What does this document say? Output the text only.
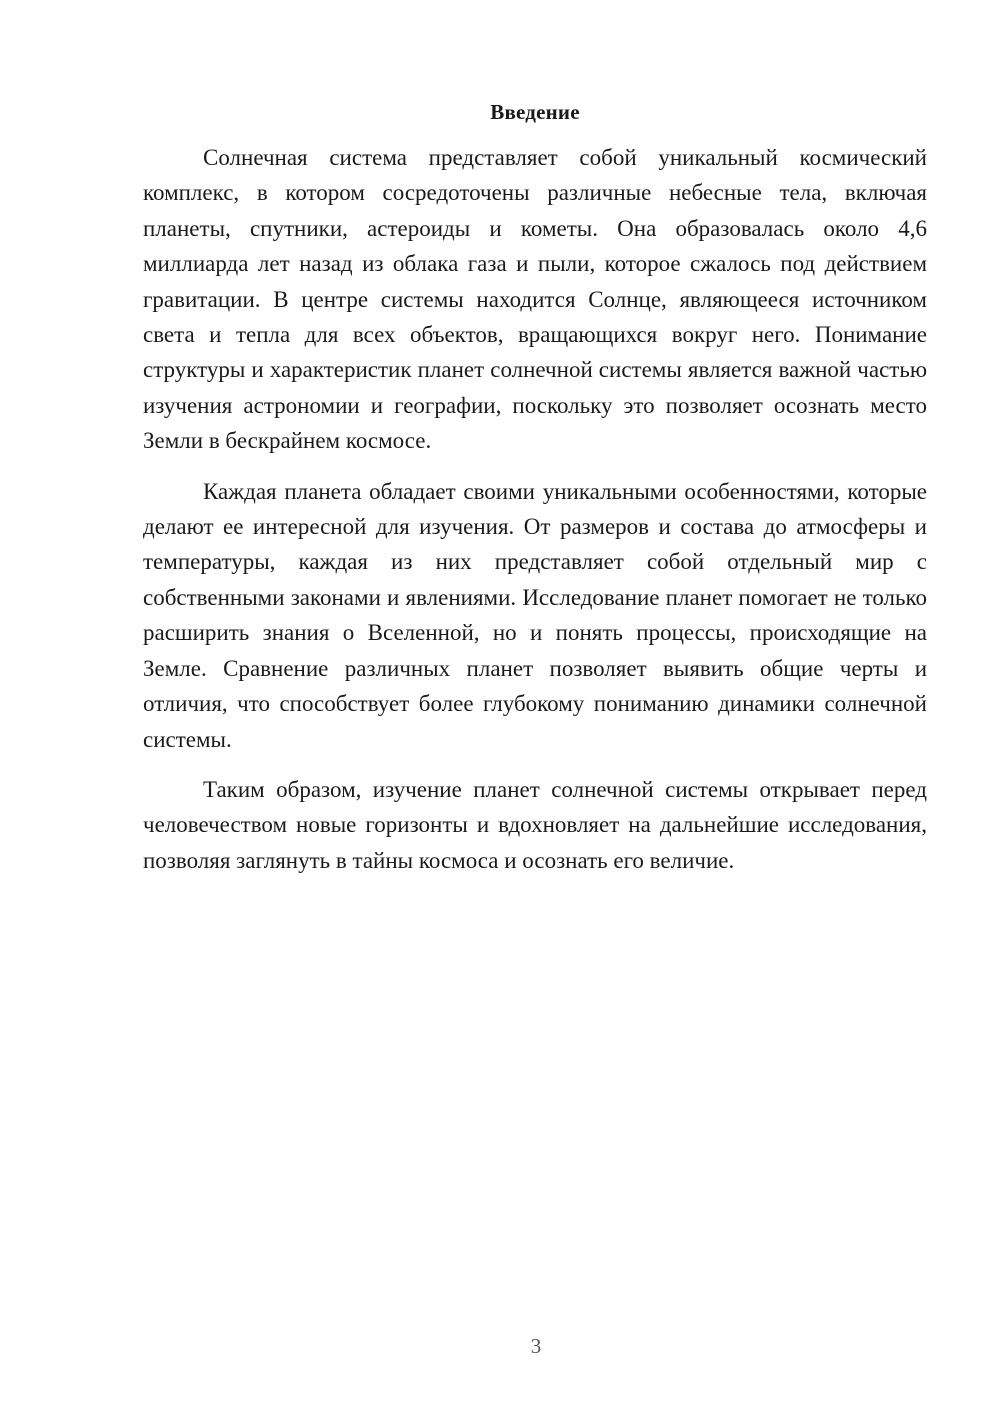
Введение

Солнечная система представляет собой уникальный космический комплекс, в котором сосредоточены различные небесные тела, включая планеты, спутники, астероиды и кометы. Она образовалась около 4,6 миллиарда лет назад из облака газа и пыли, которое сжалось под действием гравитации. В центре системы находится Солнце, являющееся источником света и тепла для всех объектов, вращающихся вокруг него. Понимание структуры и характеристик планет солнечной системы является важной частью изучения астрономии и географии, поскольку это позволяет осознать место Земли в бескрайнем космосе.

Каждая планета обладает своими уникальными особенностями, которые делают ее интересной для изучения. От размеров и состава до атмосферы и температуры, каждая из них представляет собой отдельный мир с собственными законами и явлениями. Исследование планет помогает не только расширить знания о Вселенной, но и понять процессы, происходящие на Земле. Сравнение различных планет позволяет выявить общие черты и отличия, что способствует более глубокому пониманию динамики солнечной системы.

Таким образом, изучение планет солнечной системы открывает перед человечеством новые горизонты и вдохновляет на дальнейшие исследования, позволяя заглянуть в тайны космоса и осознать его величие.

3
